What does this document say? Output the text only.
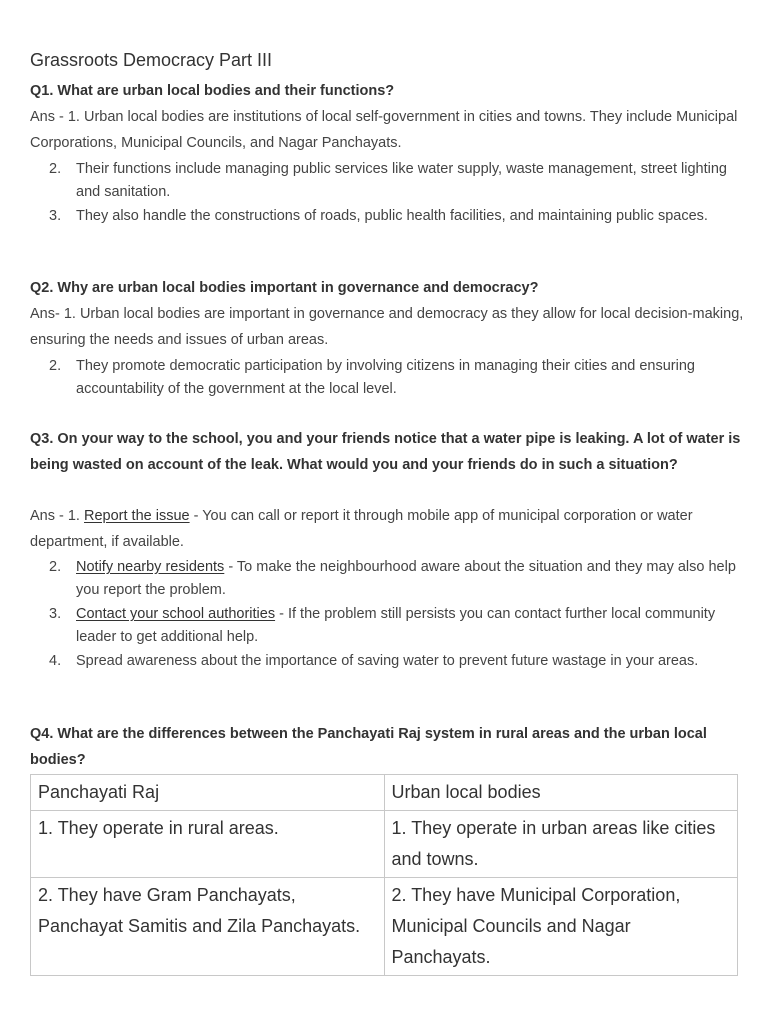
Grassroots Democracy Part III
Q1. What are urban local bodies and their functions?
Ans - 1. Urban local bodies are institutions of local self-government in cities and towns. They include Municipal Corporations, Municipal Councils, and Nagar Panchayats.
2.	Their functions include managing public services like water supply, waste management, street lighting and sanitation.
3.	They also handle the constructions of roads, public health facilities, and maintaining public spaces.
Q2. Why are urban local bodies important in governance and democracy?
Ans- 1. Urban local bodies are important in governance and democracy as they allow for local decision-making, ensuring the needs and issues of urban areas.
2.	They promote democratic participation by involving citizens in managing their cities and ensuring accountability of the government at the local level.
Q3. On your way to the school, you and your friends notice that a water pipe is leaking. A lot of water is being wasted on account of the leak. What would you and your friends do in such a situation?
Ans - 1. Report the issue - You can call or report it through mobile app of municipal corporation or water department, if available.
2.	Notify nearby residents - To make the neighbourhood aware about the situation and they may also help you report the problem.
3.	Contact your school authorities - If the problem still persists you can contact further local community leader to get additional help.
4.	Spread awareness about the importance of saving water to prevent future wastage in your areas.
Q4. What are the differences between the Panchayati Raj system in rural areas and the urban local bodies?
Panchayati Raj	Urban local bodies
1. They operate in rural areas.	1. They operate in urban areas like cities and towns.
2. They have Gram Panchayats, Panchayat Samitis and Zila Panchayats.	2. They have Municipal Corporation, Municipal Councils and Nagar Panchayats.
